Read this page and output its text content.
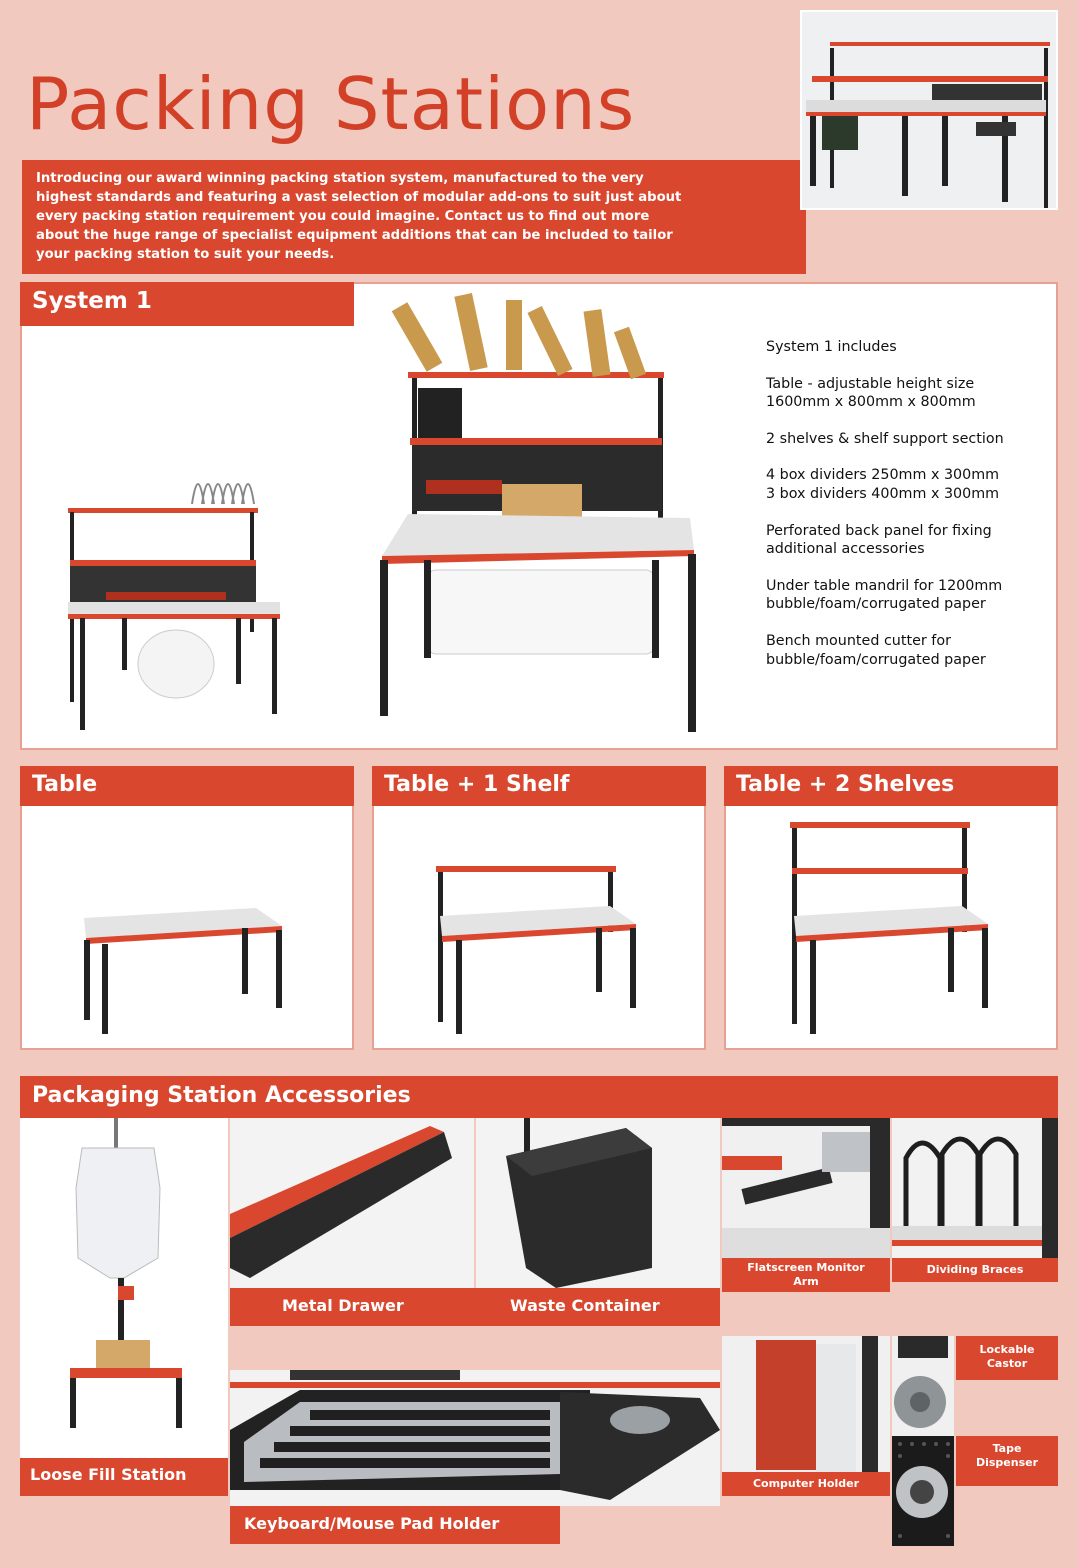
Packing Stations
Introducing our award winning packing station system, manufactured to the very
highest standards and featuring a vast selection of modular add-ons to suit just about
every packing station requirement you could imagine. Contact us to find out more
about the huge range of specialist equipment additions that can be included to tailor
your packing station to suit your needs.
System 1

System 1 includes

Table - adjustable height size
1600mm x 800mm x 800mm

2 shelves & shelf support section

4 box dividers 250mm x 300mm
3 box dividers 400mm x 300mm

Perforated back panel for fixing
additional accessories

Under table mandril for 1200mm
bubble/foam/corrugated paper

Bench mounted cutter for
bubble/foam/corrugated paper

Table	Table + 1 Shelf	Table + 2 Shelves
Packaging Station Accessories
Loose Fill Station
Metal Drawer	Waste Container
Flatscreen Monitor
Arm
Dividing Braces
Keyboard/Mouse Pad Holder
Computer Holder
Lockable
Castor
Tape
Dispenser
